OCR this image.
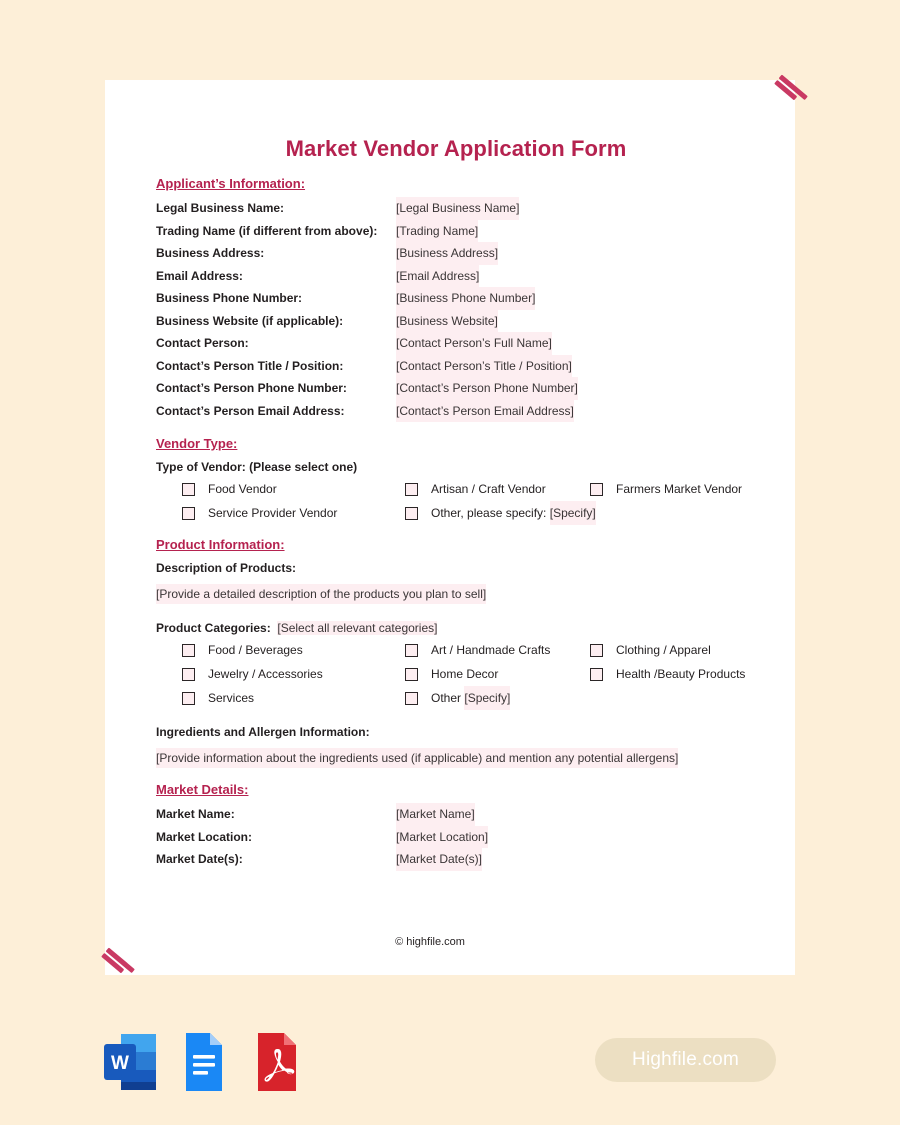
Market Vendor Application Form
Applicant’s Information:
Legal Business Name:	[Legal Business Name]
Trading Name (if different from above):	[Trading Name]
Business Address:	[Business Address]
Email Address:	[Email Address]
Business Phone Number:	[Business Phone Number]
Business Website (if applicable):	[Business Website]
Contact Person:	[Contact Person’s Full Name]
Contact’s Person Title / Position:	[Contact Person’s Title / Position]
Contact’s Person Phone Number:	[Contact’s Person Phone Number]
Contact’s Person Email Address:	[Contact’s Person Email Address]
Vendor Type:
Type of Vendor: (Please select one)
Food Vendor	Artisan / Craft Vendor	Farmers Market Vendor
Service Provider Vendor	Other, please specify:
[Specify]
Product Information:
Description of Products:
[Provide a detailed description of the products you plan to sell]
Product Categories: [Select all relevant categories]
Food / Beverages	Art / Handmade Crafts	Clothing / Apparel
Jewelry / Accessories	Home Decor	Health /Beauty Products
Services	Other
[Specify]
Ingredients and Allergen Information:
[Provide information about the ingredients used (if applicable) and mention any potential allergens]
Market Details:
Market Name:	[Market Name]
Market Location:	[Market Location]
Market Date(s):	[Market Date(s)]
© highfile.com
W	Highfile.com
